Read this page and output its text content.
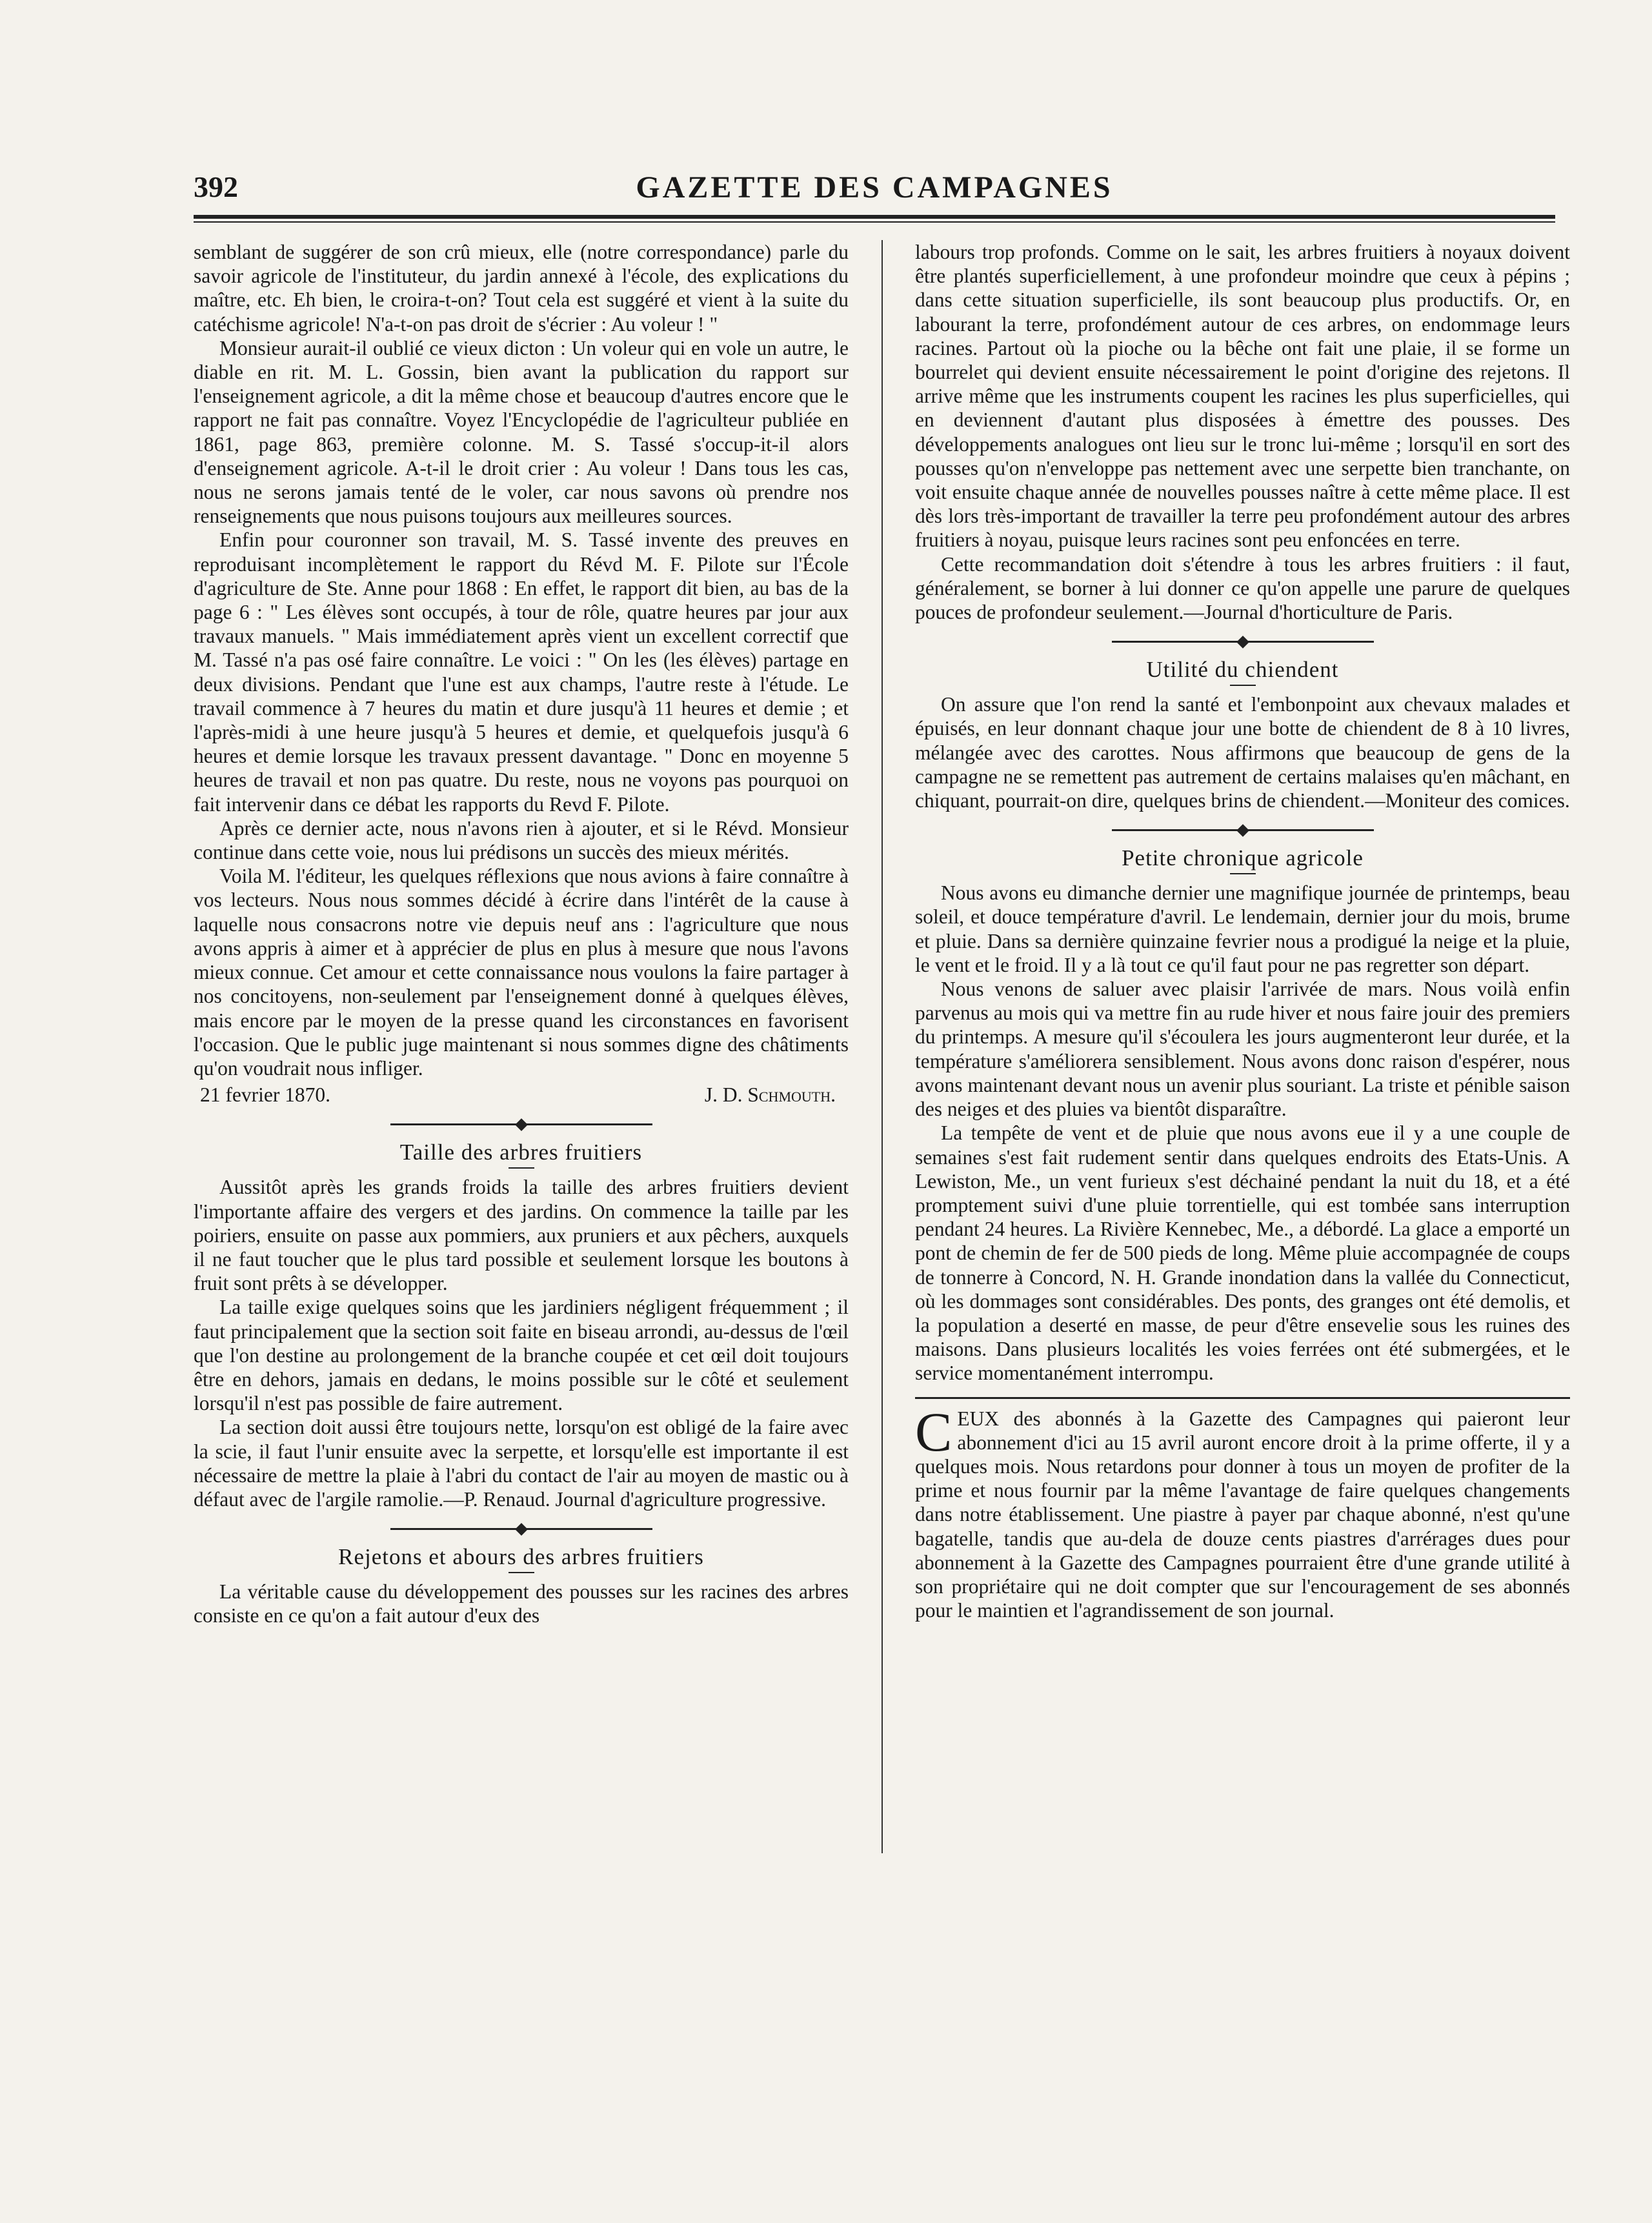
392	GAZETTE DES CAMPAGNES

semblant de suggérer de son crû mieux, elle (notre correspondance) parle du savoir agricole de l'instituteur, du jardin annexé à l'école, des explications du maître, etc. Eh bien, le croira-t-on? Tout cela est suggéré et vient à la suite du catéchisme agricole! N'a-t-on pas droit de s'écrier : Au voleur ! "

Monsieur aurait-il oublié ce vieux dicton : Un voleur qui en vole un autre, le diable en rit. M. L. Gossin, bien avant la publication du rapport sur l'enseignement agricole, a dit la même chose et beaucoup d'autres encore que le rapport ne fait pas connaître. Voyez l'Encyclopédie de l'agriculteur publiée en 1861, page 863, première colonne. M. S. Tassé s'occup-it-il alors d'enseignement agricole. A-t-il le droit crier : Au voleur ! Dans tous les cas, nous ne serons jamais tenté de le voler, car nous savons où prendre nos renseignements que nous puisons toujours aux meilleures sources.

Enfin pour couronner son travail, M. S. Tassé invente des preuves en reproduisant incomplètement le rapport du Révd M. F. Pilote sur l'École d'agriculture de Ste. Anne pour 1868 : En effet, le rapport dit bien, au bas de la page 6 : " Les élèves sont occupés, à tour de rôle, quatre heures par jour aux travaux manuels. " Mais immédiatement après vient un excellent correctif que M. Tassé n'a pas osé faire connaître. Le voici : " On les (les élèves) partage en deux divisions. Pendant que l'une est aux champs, l'autre reste à l'étude. Le travail commence à 7 heures du matin et dure jusqu'à 11 heures et demie ; et l'après-midi à une heure jusqu'à 5 heures et demie, et quelquefois jusqu'à 6 heures et demie lorsque les travaux pressent davantage. " Donc en moyenne 5 heures de travail et non pas quatre. Du reste, nous ne voyons pas pourquoi on fait intervenir dans ce débat les rapports du Revd F. Pilote.

Après ce dernier acte, nous n'avons rien à ajouter, et si le Révd. Monsieur continue dans cette voie, nous lui prédisons un succès des mieux mérités.

Voila M. l'éditeur, les quelques réflexions que nous avions à faire connaître à vos lecteurs. Nous nous sommes décidé à écrire dans l'intérêt de la cause à laquelle nous consacrons notre vie depuis neuf ans : l'agriculture que nous avons appris à aimer et à apprécier de plus en plus à mesure que nous l'avons mieux connue. Cet amour et cette connaissance nous voulons la faire partager à nos concitoyens, non-seulement par l'enseignement donné à quelques élèves, mais encore par le moyen de la presse quand les circonstances en favorisent l'occasion. Que le public juge maintenant si nous sommes digne des châtiments qu'on voudrait nous infliger.

21 fevrier 1870.	J. D. Schmouth.
Taille des arbres fruitiers

Aussitôt après les grands froids la taille des arbres fruitiers devient l'importante affaire des vergers et des jardins. On commence la taille par les poiriers, ensuite on passe aux pommiers, aux pruniers et aux pêchers, auxquels il ne faut toucher que le plus tard possible et seulement lorsque les boutons à fruit sont prêts à se développer.

La taille exige quelques soins que les jardiniers négligent fréquemment ; il faut principalement que la section soit faite en biseau arrondi, au-dessus de l'œil que l'on destine au prolongement de la branche coupée et cet œil doit toujours être en dehors, jamais en dedans, le moins possible sur le côté et seulement lorsqu'il n'est pas possible de faire autrement.

La section doit aussi être toujours nette, lorsqu'on est obligé de la faire avec la scie, il faut l'unir ensuite avec la serpette, et lorsqu'elle est importante il est nécessaire de mettre la plaie à l'abri du contact de l'air au moyen de mastic ou à défaut avec de l'argile ramolie.—P. Renaud. Journal d'agriculture progressive.

Rejetons et abours des arbres fruitiers

La véritable cause du développement des pousses sur les racines des arbres consiste en ce qu'on a fait autour d'eux des

labours trop profonds. Comme on le sait, les arbres fruitiers à noyaux doivent être plantés superficiellement, à une profondeur moindre que ceux à pépins ; dans cette situation superficielle, ils sont beaucoup plus productifs. Or, en labourant la terre, profondément autour de ces arbres, on endommage leurs racines. Partout où la pioche ou la bêche ont fait une plaie, il se forme un bourrelet qui devient ensuite nécessairement le point d'origine des rejetons. Il arrive même que les instruments coupent les racines les plus superficielles, qui en deviennent d'autant plus disposées à émettre des pousses. Des développements analogues ont lieu sur le tronc lui-même ; lorsqu'il en sort des pousses qu'on n'enveloppe pas nettement avec une serpette bien tranchante, on voit ensuite chaque année de nouvelles pousses naître à cette même place. Il est dès lors très-important de travailler la terre peu profondément autour des arbres fruitiers à noyau, puisque leurs racines sont peu enfoncées en terre.

Cette recommandation doit s'étendre à tous les arbres fruitiers : il faut, généralement, se borner à lui donner ce qu'on appelle une parure de quelques pouces de profondeur seulement.—Journal d'horticulture de Paris.

Utilité du chiendent

On assure que l'on rend la santé et l'embonpoint aux chevaux malades et épuisés, en leur donnant chaque jour une botte de chiendent de 8 à 10 livres, mélangée avec des carottes. Nous affirmons que beaucoup de gens de la campagne ne se remettent pas autrement de certains malaises qu'en mâchant, en chiquant, pourrait-on dire, quelques brins de chiendent.—Moniteur des comices.

Petite chronique agricole

Nous avons eu dimanche dernier une magnifique journée de printemps, beau soleil, et douce température d'avril. Le lendemain, dernier jour du mois, brume et pluie. Dans sa dernière quinzaine fevrier nous a prodigué la neige et la pluie, le vent et le froid. Il y a là tout ce qu'il faut pour ne pas regretter son départ.

Nous venons de saluer avec plaisir l'arrivée de mars. Nous voilà enfin parvenus au mois qui va mettre fin au rude hiver et nous faire jouir des premiers du printemps. A mesure qu'il s'écoulera les jours augmenteront leur durée, et la température s'améliorera sensiblement. Nous avons donc raison d'espérer, nous avons maintenant devant nous un avenir plus souriant. La triste et pénible saison des neiges et des pluies va bientôt disparaître.

La tempête de vent et de pluie que nous avons eue il y a une couple de semaines s'est fait rudement sentir dans quelques endroits des Etats-Unis. A Lewiston, Me., un vent furieux s'est déchainé pendant la nuit du 18, et a été promptement suivi d'une pluie torrentielle, qui est tombée sans interruption pendant 24 heures. La Rivière Kennebec, Me., a débordé. La glace a emporté un pont de chemin de fer de 500 pieds de long. Même pluie accompagnée de coups de tonnerre à Concord, N. H. Grande inondation dans la vallée du Connecticut, où les dommages sont considérables. Des ponts, des granges ont été demolis, et la population a deserté en masse, de peur d'être ensevelie sous les ruines des maisons. Dans plusieurs localités les voies ferrées ont été submergées, et le service momentanément interrompu.

CEUX des abonnés à la Gazette des Campagnes qui paieront leur abonnement d'ici au 15 avril auront encore droit à la prime offerte, il y a quelques mois. Nous retardons pour donner à tous un moyen de profiter de la prime et nous fournir par la même l'avantage de faire quelques changements dans notre établissement. Une piastre à payer par chaque abonné, n'est qu'une bagatelle, tandis que au-dela de douze cents piastres d'arrérages dues pour abonnement à la Gazette des Campagnes pourraient être d'une grande utilité à son propriétaire qui ne doit compter que sur l'encouragement de ses abonnés pour le maintien et l'agrandissement de son journal.
